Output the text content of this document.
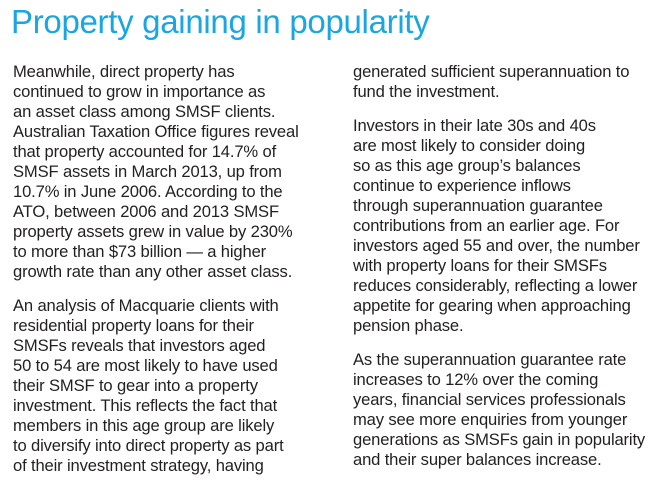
Property gaining in popularity

Meanwhile, direct property has
continued to grow in importance as
an asset class among SMSF clients.
Australian Taxation Office figures reveal
that property accounted for 14.7% of
SMSF assets in March 2013, up from
10.7% in June 2006. According to the
ATO, between 2006 and 2013 SMSF
property assets grew in value by 230%
to more than $73 billion — a higher
growth rate than any other asset class.

An analysis of Macquarie clients with
residential property loans for their
SMSFs reveals that investors aged
50 to 54 are most likely to have used
their SMSF to gear into a property
investment. This reflects the fact that
members in this age group are likely
to diversify into direct property as part
of their investment strategy, having

generated sufficient superannuation to
fund the investment.

Investors in their late 30s and 40s
are most likely to consider doing
so as this age group’s balances
continue to experience inflows
through superannuation guarantee
contributions from an earlier age. For
investors aged 55 and over, the number
with property loans for their SMSFs
reduces considerably, reflecting a lower
appetite for gearing when approaching
pension phase.

As the superannuation guarantee rate
increases to 12% over the coming
years, financial services professionals
may see more enquiries from younger
generations as SMSFs gain in popularity
and their super balances increase.
